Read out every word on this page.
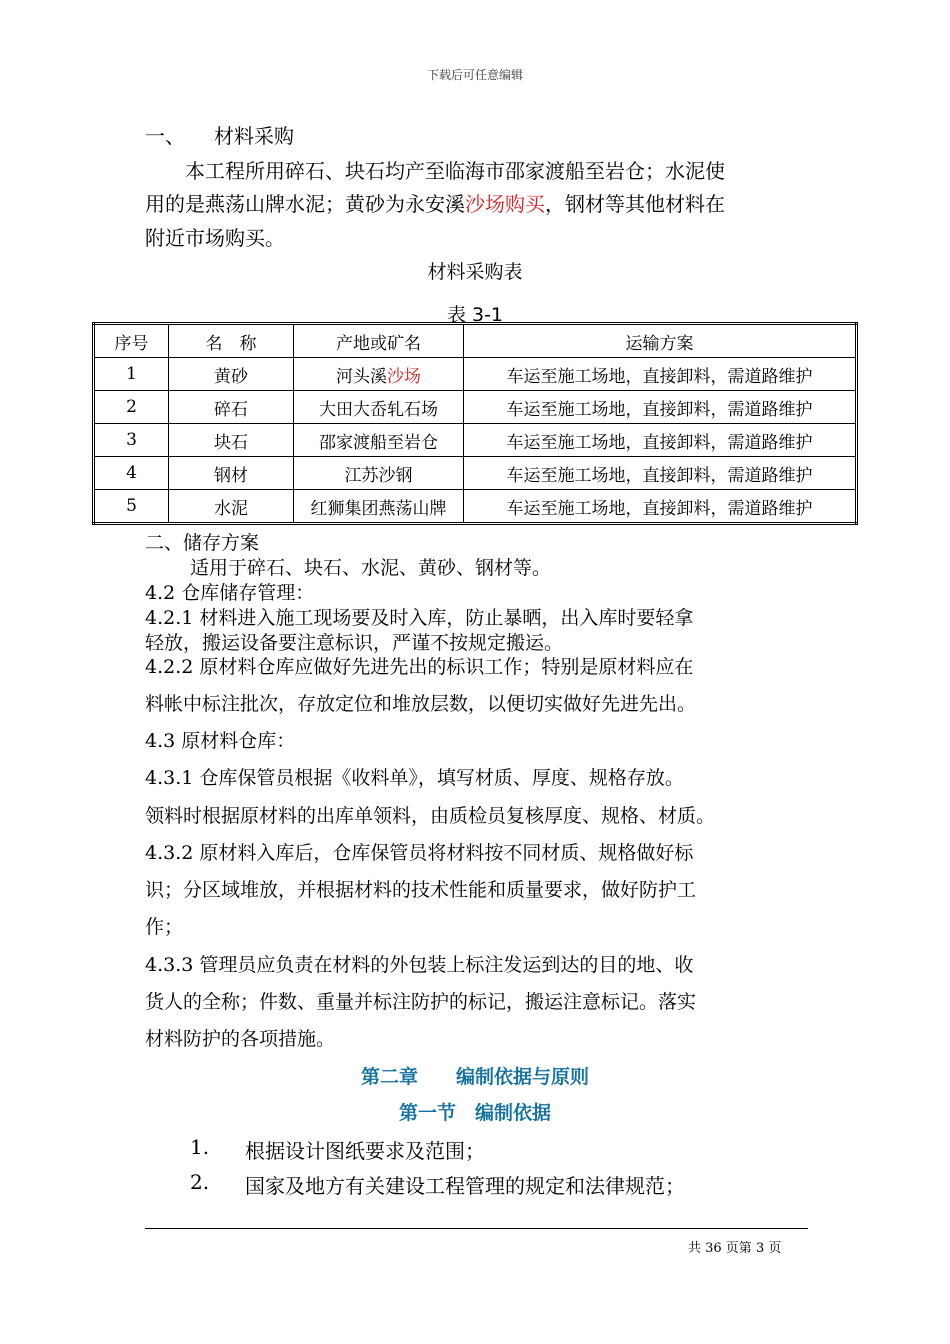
下载后可任意编辑
一、 材料采购
本工程所用碎石、块石均产至临海市邵家渡船至岩仓；水泥使
用的是燕荡山牌水泥；黄砂为永安溪沙场购买，钢材等其他材料在
附近市场购买。
材料采购表
表 3-1
序号	名　称	产地或矿名	运输方案
1	黄砂	河头溪沙场	车运至施工场地，直接卸料，需道路维护
2	碎石	大田大岙轧石场	车运至施工场地，直接卸料，需道路维护
3	块石	邵家渡船至岩仓	车运至施工场地，直接卸料，需道路维护
4	钢材	江苏沙钢	车运至施工场地，直接卸料，需道路维护
5	水泥	红狮集团燕荡山牌	车运至施工场地，直接卸料，需道路维护
二、储存方案
适用于碎石、块石、水泥、黄砂、钢材等。
4.2 仓库储存管理：
4.2.1 材料进入施工现场要及时入库，防止暴晒，出入库时要轻拿
轻放，搬运设备要注意标识，严谨不按规定搬运。
4.2.2 原材料仓库应做好先进先出的标识工作；特别是原材料应在
料帐中标注批次，存放定位和堆放层数，以便切实做好先进先出。
4.3 原材料仓库：
4.3.1 仓库保管员根据《收料单》，填写材质、厚度、规格存放。
领料时根据原材料的出库单领料，由质检员复核厚度、规格、材质。
4.3.2 原材料入库后，仓库保管员将材料按不同材质、规格做好标
识；分区域堆放，并根据材料的技术性能和质量要求，做好防护工
作；
4.3.3 管理员应负责在材料的外包装上标注发运到达的目的地、收
货人的全称；件数、重量并标注防护的标记，搬运注意标记。落实
材料防护的各项措施。
第二章　　编制依据与原则
第一节　编制依据
1. 根据设计图纸要求及范围；
2. 国家及地方有关建设工程管理的规定和法律规范；
共 36 页第 3 页
